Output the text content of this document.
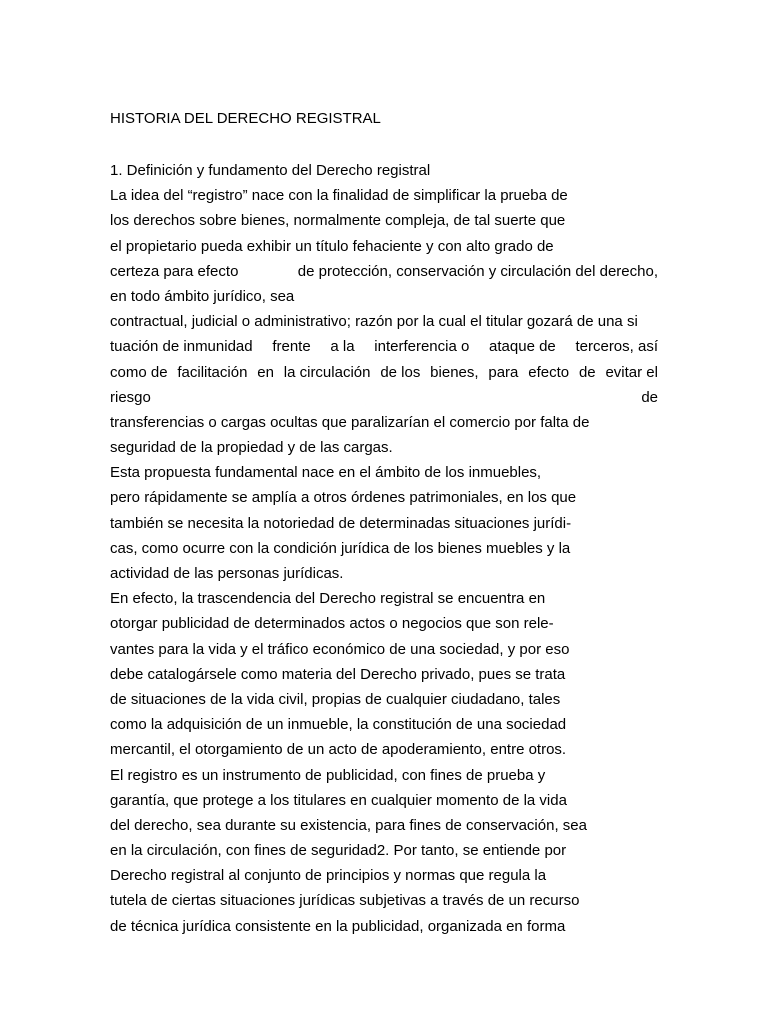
HISTORIA DEL DERECHO REGISTRAL
1. Definición y fundamento del Derecho registral
La idea del “registro” nace con la finalidad de simplificar la prueba de
los derechos sobre bienes, normalmente compleja, de tal suerte que
el propietario pueda exhibir un título fehaciente y con alto grado de
certeza para efecto	de protección, conservación y circulación del derecho,
en todo ámbito jurídico, sea
contractual, judicial o administrativo; razón por la cual el titular gozará de una si
tuación de inmunidad frente a la interferencia o ataque de terceros, así
como de facilitación en la circulación de los bienes, para efecto de evitar el
riesgo	de
transferencias o cargas ocultas que paralizarían el comercio por falta de
seguridad de la propiedad y de las cargas.
Esta propuesta fundamental nace en el ámbito de los inmuebles,
pero rápidamente se amplía a otros órdenes patrimoniales, en los que
también se necesita la notoriedad de determinadas situaciones jurídi-
cas, como ocurre con la condición jurídica de los bienes muebles y la
actividad de las personas jurídicas.
En efecto, la trascendencia del Derecho registral se encuentra en
otorgar publicidad de determinados actos o negocios que son rele-
vantes para la vida y el tráfico económico de una sociedad, y por eso
debe catalogársele como materia del Derecho privado, pues se trata
de situaciones de la vida civil, propias de cualquier ciudadano, tales
como la adquisición de un inmueble, la constitución de una sociedad
mercantil, el otorgamiento de un acto de apoderamiento, entre otros.
El registro es un instrumento de publicidad, con fines de prueba y
garantía, que protege a los titulares en cualquier momento de la vida
del derecho, sea durante su existencia, para fines de conservación, sea
en la circulación, con fines de seguridad2. Por tanto, se entiende por
Derecho registral al conjunto de principios y normas que regula la
tutela de ciertas situaciones jurídicas subjetivas a través de un recurso
de técnica jurídica consistente en la publicidad, organizada en forma
